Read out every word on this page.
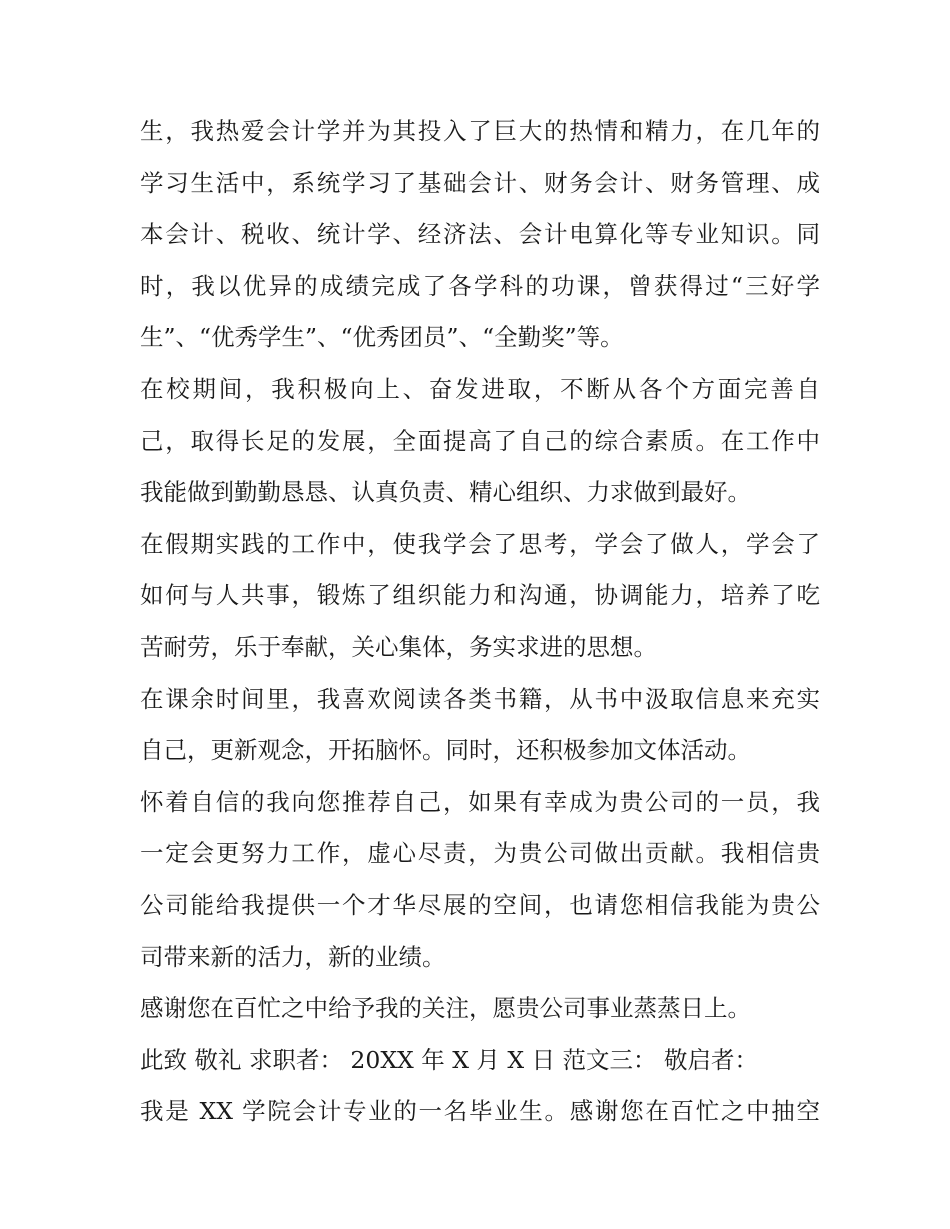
生，我热爱会计学并为其投入了巨大的热情和精力，在几年的
学习生活中，系统学习了基础会计、财务会计、财务管理、成
本会计、税收、统计学、经济法、会计电算化等专业知识。同
时，我以优异的成绩完成了各学科的功课，曾获得过“三好学
生”、“优秀学生”、“优秀团员”、“全勤奖”等。
在校期间，我积极向上、奋发进取，不断从各个方面完善自
己，取得长足的发展，全面提高了自己的综合素质。在工作中
我能做到勤勤恳恳、认真负责、精心组织、力求做到最好。
在假期实践的工作中，使我学会了思考，学会了做人，学会了
如何与人共事，锻炼了组织能力和沟通，协调能力，培养了吃
苦耐劳，乐于奉献，关心集体，务实求进的思想。
在课余时间里，我喜欢阅读各类书籍，从书中汲取信息来充实
自己，更新观念，开拓脑怀。同时，还积极参加文体活动。
怀着自信的我向您推荐自己，如果有幸成为贵公司的一员，我
一定会更努力工作，虚心尽责，为贵公司做出贡献。我相信贵
公司能给我提供一个才华尽展的空间，也请您相信我能为贵公
司带来新的活力，新的业绩。
感谢您在百忙之中给予我的关注，愿贵公司事业蒸蒸日上。
此致 敬礼 求职者： 20XX 年 X 月 X 日 范文三： 敬启者：
我是 XX 学院会计专业的一名毕业生。感谢您在百忙之中抽空
